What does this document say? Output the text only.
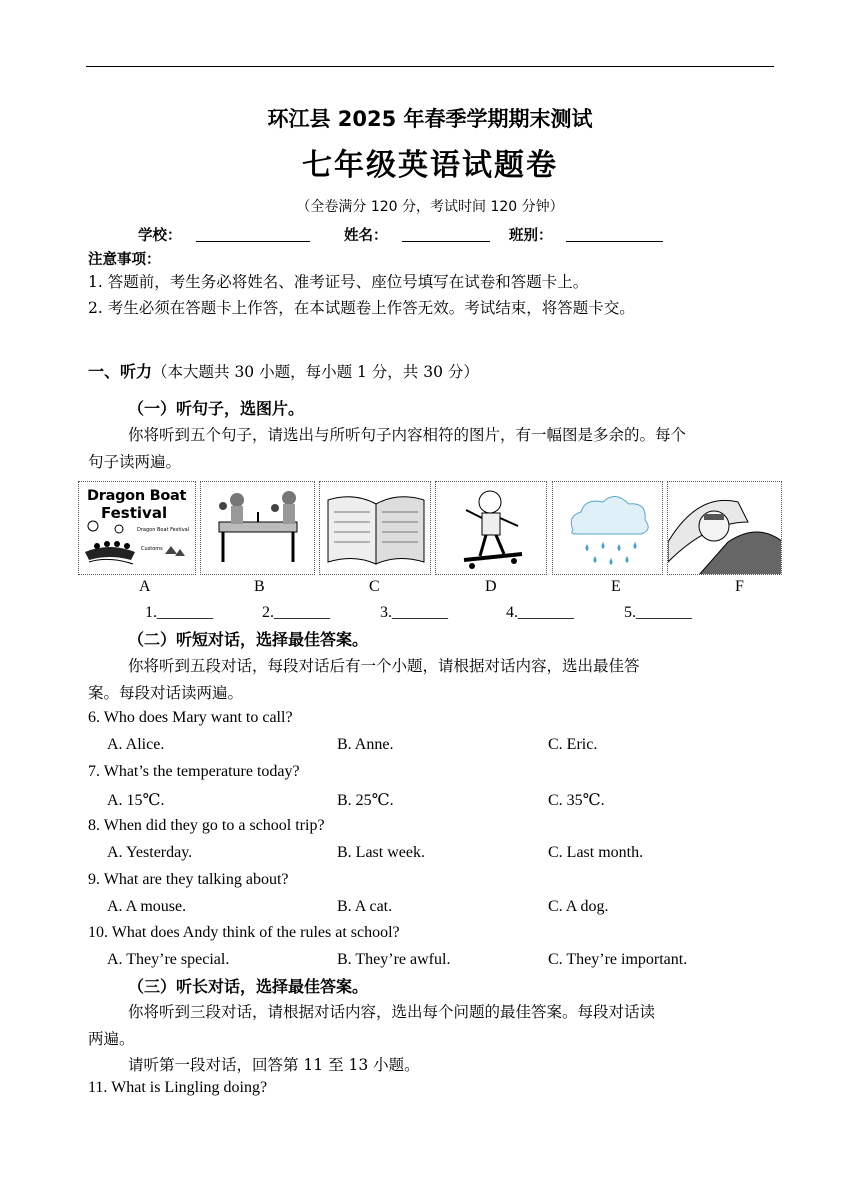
环江县 2025 年春季学期期末测试
七年级英语试题卷
（全卷满分 120 分，考试时间 120 分钟）
学校：	姓名：	班别：
注意事项：
1. 答题前，考生务必将姓名、准考证号、座位号填写在试卷和答题卡上。
2. 考生必须在答题卡上作答，在本试题卷上作答无效。考试结束，将答题卡交。
一、听力（本大题共 30 小题，每小题 1 分，共 30 分）
（一）听句子，选图片。
你将听到五个句子，请选出与所听句子内容相符的图片，有一幅图是多余的。每个
句子读两遍。
Dragon Boat
Festival
Dragon Boat Festival
Customs
A	B	C	D	E	F
1._______	2._______	3._______	4._______	5._______
（二）听短对话，选择最佳答案。
你将听到五段对话，每段对话后有一个小题，请根据对话内容，选出最佳答
案。每段对话读两遍。
6. Who does Mary want to call?
A. Alice.	B. Anne.	C. Eric.
7. What’s the temperature today?
A. 15℃.	B. 25℃.	C. 35℃.
8. When did they go to a school trip?
A. Yesterday.	B. Last week.	C. Last month.
9. What are they talking about?
A. A mouse.	B. A cat.	C. A dog.
10. What does Andy think of the rules at school?
A. They’re special.	B. They’re awful.	C. They’re important.
（三）听长对话，选择最佳答案。
你将听到三段对话，请根据对话内容，选出每个问题的最佳答案。每段对话读
两遍。
请听第一段对话，回答第 11 至 13 小题。
11. What is Lingling doing?
